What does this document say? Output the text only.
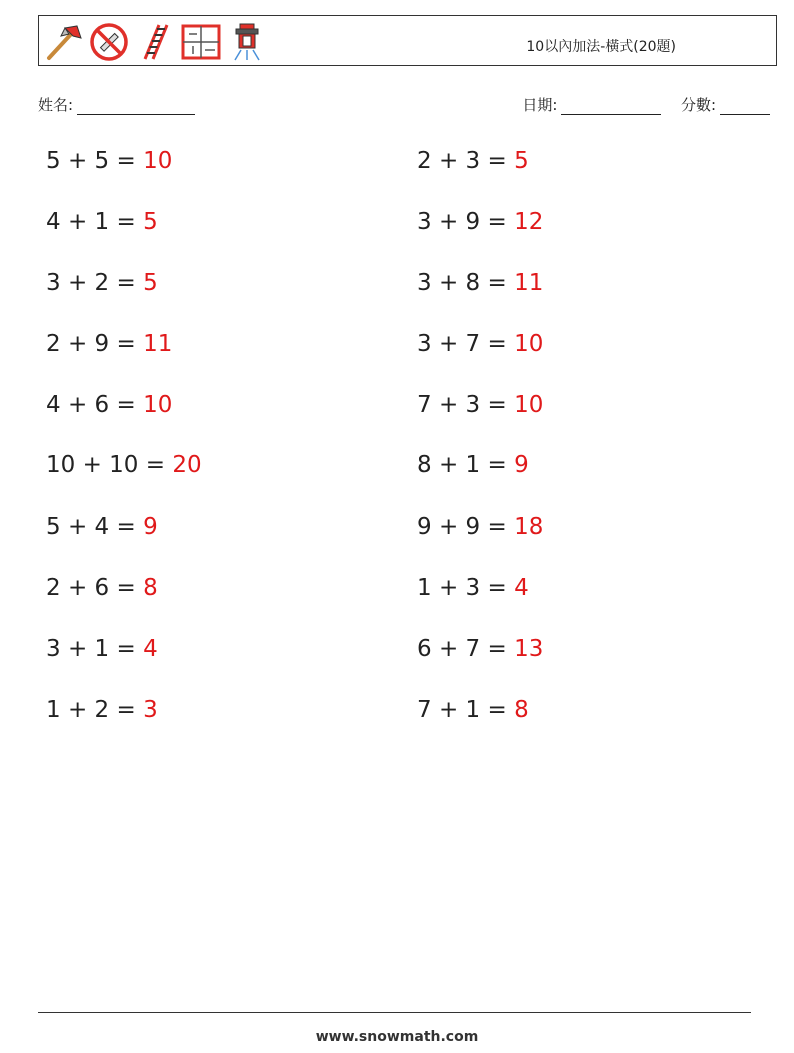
10以內加法-橫式(20題)
姓名:	日期:	分數:
5 + 5 = 10
4 + 1 = 5
3 + 2 = 5
2 + 9 = 11
4 + 6 = 10
10 + 10 = 20
5 + 4 = 9
2 + 6 = 8
3 + 1 = 4
1 + 2 = 3
2 + 3 = 5
3 + 9 = 12
3 + 8 = 11
3 + 7 = 10
7 + 3 = 10
8 + 1 = 9
9 + 9 = 18
1 + 3 = 4
6 + 7 = 13
7 + 1 = 8
www.snowmath.com
